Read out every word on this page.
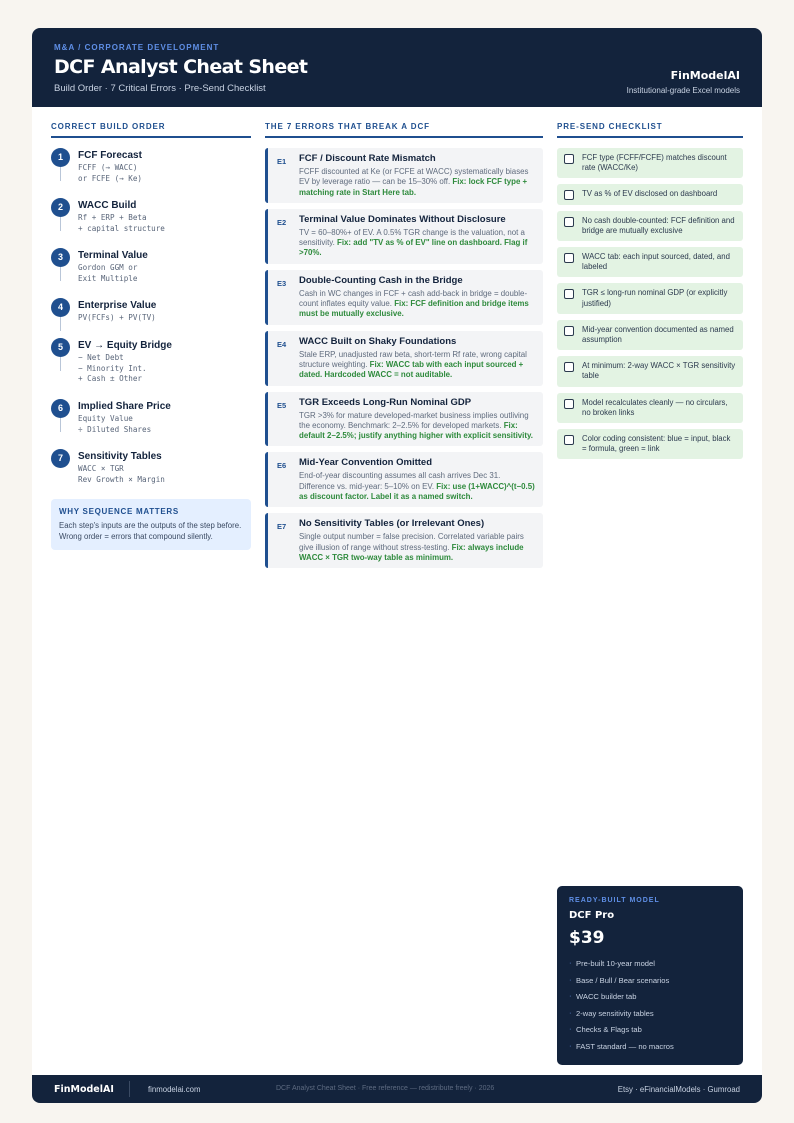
M&A / CORPORATE DEVELOPMENT
DCF Analyst Cheat Sheet
Build Order · 7 Critical Errors · Pre-Send Checklist
FinModelAI
Institutional-grade Excel models
CORRECT BUILD ORDER
1	FCF Forecast
FCFF (→ WACC)
or FCFE (→ Ke)
2	WACC Build
Rf + ERP + Beta
+ capital structure
3	Terminal Value
Gordon GGM or
Exit Multiple
4	Enterprise Value
PV(FCFs) + PV(TV)
5	EV → Equity Bridge
− Net Debt
− Minority Int.
+ Cash ± Other
6	Implied Share Price
Equity Value
÷ Diluted Shares
7	Sensitivity Tables
WACC × TGR
Rev Growth × Margin
WHY SEQUENCE MATTERS
Each step's inputs are the outputs of the step before. Wrong order = errors that compound silently.
THE 7 ERRORS THAT BREAK A DCF
E1 FCF / Discount Rate Mismatch
FCFF discounted at Ke (or FCFE at WACC) systematically biases EV by leverage ratio — can be 15–30% off. Fix: lock FCF type + matching rate in Start Here tab.
E2 Terminal Value Dominates Without Disclosure
TV = 60–80%+ of EV. A 0.5% TGR change is the valuation, not a sensitivity. Fix: add "TV as % of EV" line on dashboard. Flag if >70%.
E3 Double-Counting Cash in the Bridge
Cash in WC changes in FCF + cash add-back in bridge = double-count inflates equity value. Fix: FCF definition and bridge items must be mutually exclusive.
E4 WACC Built on Shaky Foundations
Stale ERP, unadjusted raw beta, short-term Rf rate, wrong capital structure weighting. Fix: WACC tab with each input sourced + dated. Hardcoded WACC = not auditable.
E5 TGR Exceeds Long-Run Nominal GDP
TGR >3% for mature developed-market business implies outliving the economy. Benchmark: 2–2.5% for developed markets. Fix: default 2–2.5%; justify anything higher with explicit sensitivity.
E6 Mid-Year Convention Omitted
End-of-year discounting assumes all cash arrives Dec 31. Difference vs. mid-year: 5–10% on EV. Fix: use (1+WACC)^(t−0.5) as discount factor. Label it as a named switch.
E7 No Sensitivity Tables (or Irrelevant Ones)
Single output number = false precision. Correlated variable pairs give illusion of range without stress-testing. Fix: always include WACC × TGR two-way table as minimum.
PRE-SEND CHECKLIST
FCF type (FCFF/FCFE) matches discount rate (WACC/Ke)
TV as % of EV disclosed on dashboard
No cash double-counted: FCF definition and bridge are mutually exclusive
WACC tab: each input sourced, dated, and labeled
TGR ≤ long-run nominal GDP (or explicitly justified)
Mid-year convention documented as named assumption
At minimum: 2-way WACC × TGR sensitivity table
Model recalculates cleanly — no circulars, no broken links
Color coding consistent: blue = input, black = formula, green = link
READY-BUILT MODEL
DCF Pro
$39
· Pre-built 10-year model
· Base / Bull / Bear scenarios
· WACC builder tab
· 2-way sensitivity tables
· Checks & Flags tab
· FAST standard — no macros
FinModelAI	finmodelai.com	DCF Analyst Cheat Sheet · Free reference — redistribute freely · 2026	Etsy · eFinancialModels · Gumroad
